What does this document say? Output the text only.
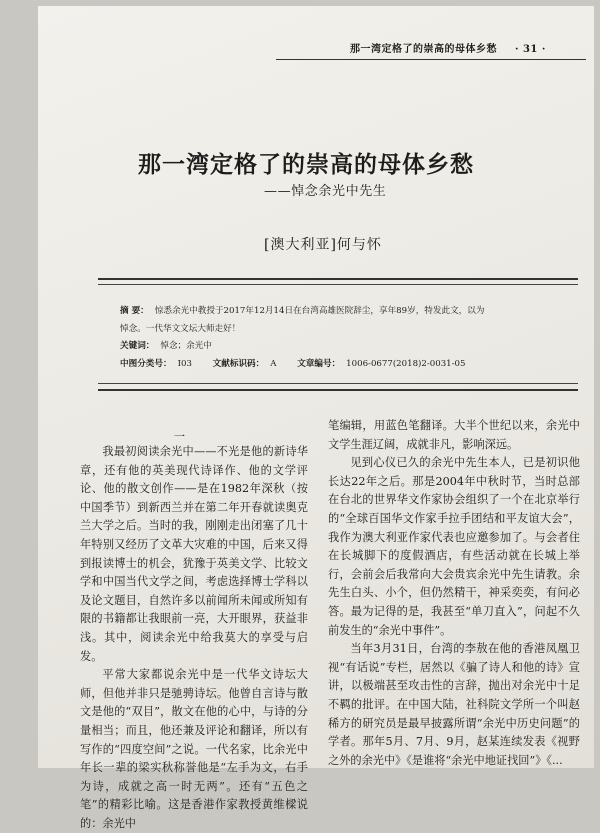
那一湾定格了的崇高的母体乡愁 · 31 ·
那一湾定格了的崇高的母体乡愁
——悼念余光中先生
[澳大利亚]何与怀
摘 要： 惊悉余光中教授于2017年12月14日在台湾高雄医院辞尘，享年89岁，特发此文，以为
悼念。一代华文文坛大师走好！
关键词： 悼念；余光中
中图分类号： I03 文献标识码： A 文章编号： 1006-0677(2018)2-0031-05
一

我最初阅读余光中——不光是他的新诗华章，还有他的英美现代诗译作、他的文学评论、他的散文创作——是在1982年深秋（按中国季节）到新西兰并在第二年开春就读奥克兰大学之后。当时的我，刚刚走出闭塞了几十年特别又经历了文革大灾难的中国，后来又得到报读博士的机会，犹豫于英美文学、比较文学和中国当代文学之间，考虑选择博士学科以及论文题目，自然许多以前闻所未闻或所知有限的书籍都让我眼前一亮，大开眼界，获益非浅。其中，阅读余光中给我莫大的享受与启发。

平常大家都说余光中是一代华文诗坛大师，但他并非只是驰骋诗坛。他曾自言诗与散文是他的“双目”，散文在他的心中，与诗的分量相当；而且，他还兼及评论和翻译，所以有写作的“四度空间”之说。一代名家，比余光中年长一辈的梁实秋称誉他是“左手为文，右手为诗，成就之高一时无两”。还有“五色之笔”的精彩比喻。这是香港作家教授黄维樑说的：余光中

笔编辑，用蓝色笔翻译。大半个世纪以来，余光中文学生涯辽阔，成就非凡，影响深远。

见到心仪已久的余光中先生本人，已是初识他长达22年之后。那是2004年中秋时节，当时总部在台北的世界华文作家协会组织了一个在北京举行的“全球百国华文作家手拉手团结和平友谊大会”，我作为澳大利亚作家代表也应邀参加了。与会者住在长城脚下的度假酒店，有些活动就在长城上举行，会前会后我常向大会贵宾余光中先生请教。余先生白头、小个，但仍然精干，神采奕奕，有问必答。最为记得的是，我甚至“单刀直入”，问起不久前发生的“余光中事件”。

当年3月31日，台湾的李敖在他的香港凤凰卫视“有话说”专栏，居然以《骗了诗人和他的诗》宣讲，以极端甚至攻击性的言辞，抛出对余光中十足不羁的批评。在中国大陆，社科院文学所一个叫赵稀方的研究员是最早披露所谓“余光中历史问题”的学者。那年5月、7月、9月，赵某连续发表《视野之外的余光中》《是谁将“余光中地证找回”》《...
